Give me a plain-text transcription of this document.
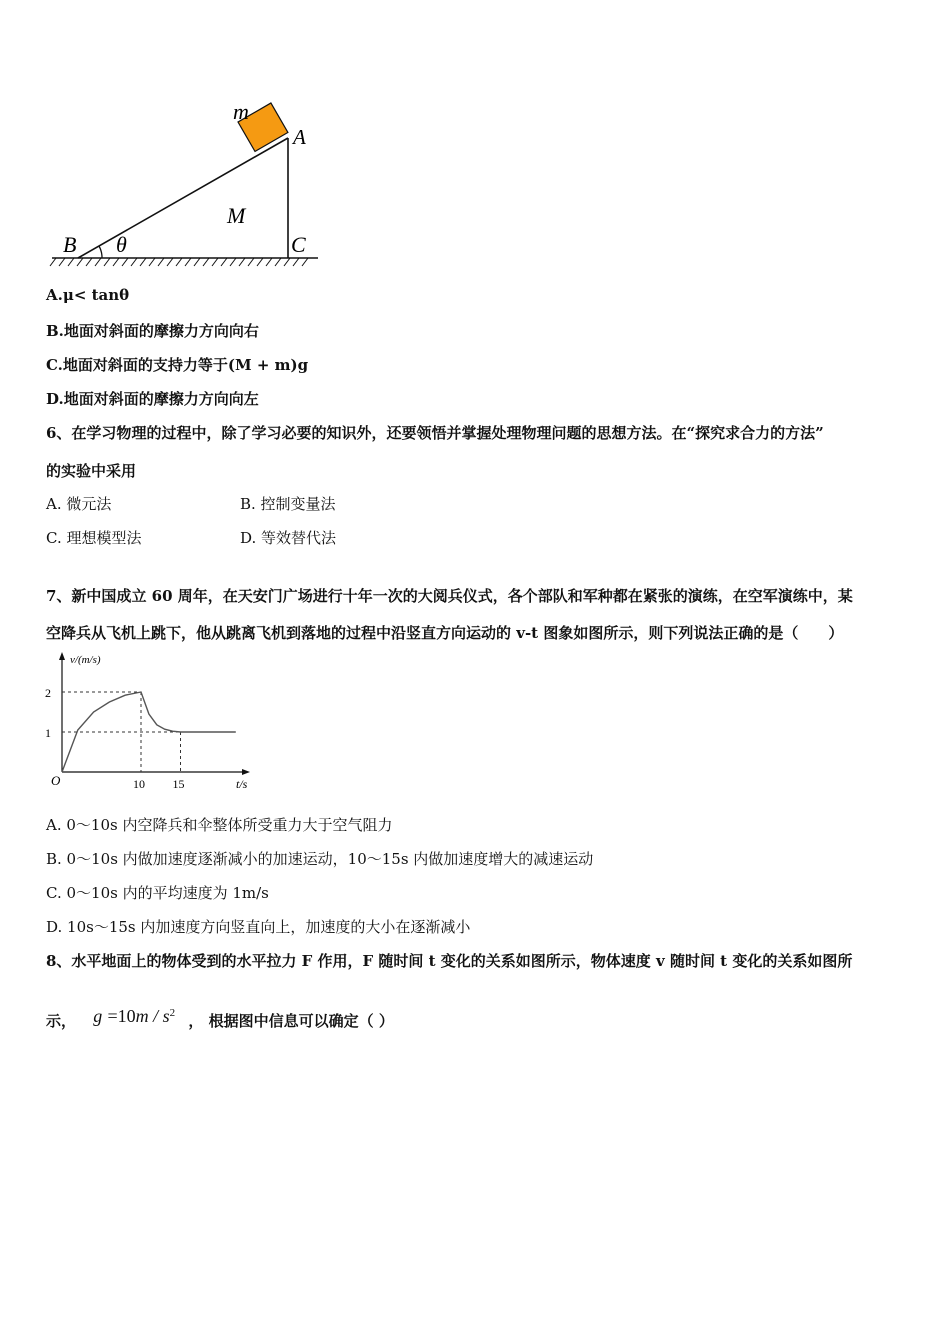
m
A
M
B θ	C
A.μ< tanθ
B.地面对斜面的摩擦力方向向右
C.地面对斜面的支持力等于(M + m)g
D.地面对斜面的摩擦力方向向左
6、在学习物理的过程中，除了学习必要的知识外，还要领悟并掌握处理物理问题的思想方法。在“探究求合力的方法”
的实验中采用
A. 微元法	B. 控制变量法
C. 理想模型法	D. 等效替代法
7、新中国成立 60 周年，在天安门广场进行十年一次的大阅兵仪式，各个部队和军种都在紧张的演练，在空军演练中，某
空降兵从飞机上跳下，他从跳离飞机到落地的过程中沿竖直方向运动的 v-t 图象如图所示，则下列说法正确的是（　　）
v/(m/s)
t/s
O	10 15
2
1
A. 0～10s 内空降兵和伞整体所受重力大于空气阻力
B. 0～10s 内做加速度逐渐减小的加速运动，10～15s 内做加速度增大的减速运动
C. 0～10s 内的平均速度为 1m/s
D. 10s～15s 内加速度方向竖直向上，加速度的大小在逐渐减小
8、水平地面上的物体受到的水平拉力 F 作用，F 随时间 t 变化的关系如图所示，物体速度 v 随时间 t 变化的关系如图所
示， $g =10m / s^2$ ， 根据图中信息可以确定（ ）
